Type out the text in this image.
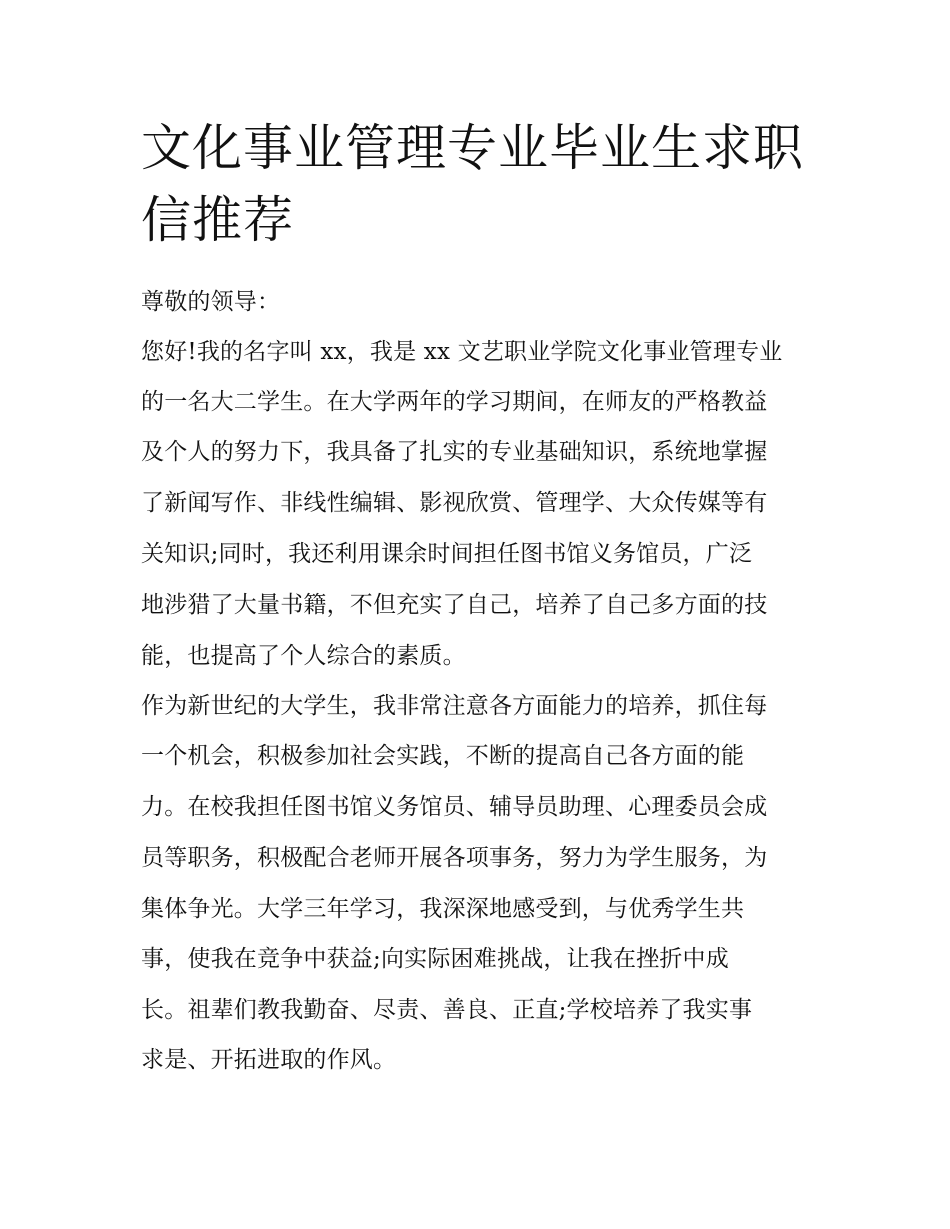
文化事业管理专业毕业生求职
信推荐

尊敬的领导：

您好!我的名字叫 xx，我是 xx 文艺职业学院文化事业管理专业

的一名大二学生。在大学两年的学习期间，在师友的严格教益

及个人的努力下，我具备了扎实的专业基础知识，系统地掌握

了新闻写作、非线性编辑、影视欣赏、管理学、大众传媒等有

关知识;同时，我还利用课余时间担任图书馆义务馆员，广泛

地涉猎了大量书籍，不但充实了自己，培养了自己多方面的技

能，也提高了个人综合的素质。

作为新世纪的大学生，我非常注意各方面能力的培养，抓住每

一个机会，积极参加社会实践，不断的提高自己各方面的能

力。在校我担任图书馆义务馆员、辅导员助理、心理委员会成

员等职务，积极配合老师开展各项事务，努力为学生服务，为

集体争光。大学三年学习，我深深地感受到，与优秀学生共

事，使我在竞争中获益;向实际困难挑战，让我在挫折中成

长。祖辈们教我勤奋、尽责、善良、正直;学校培养了我实事

求是、开拓进取的作风。
